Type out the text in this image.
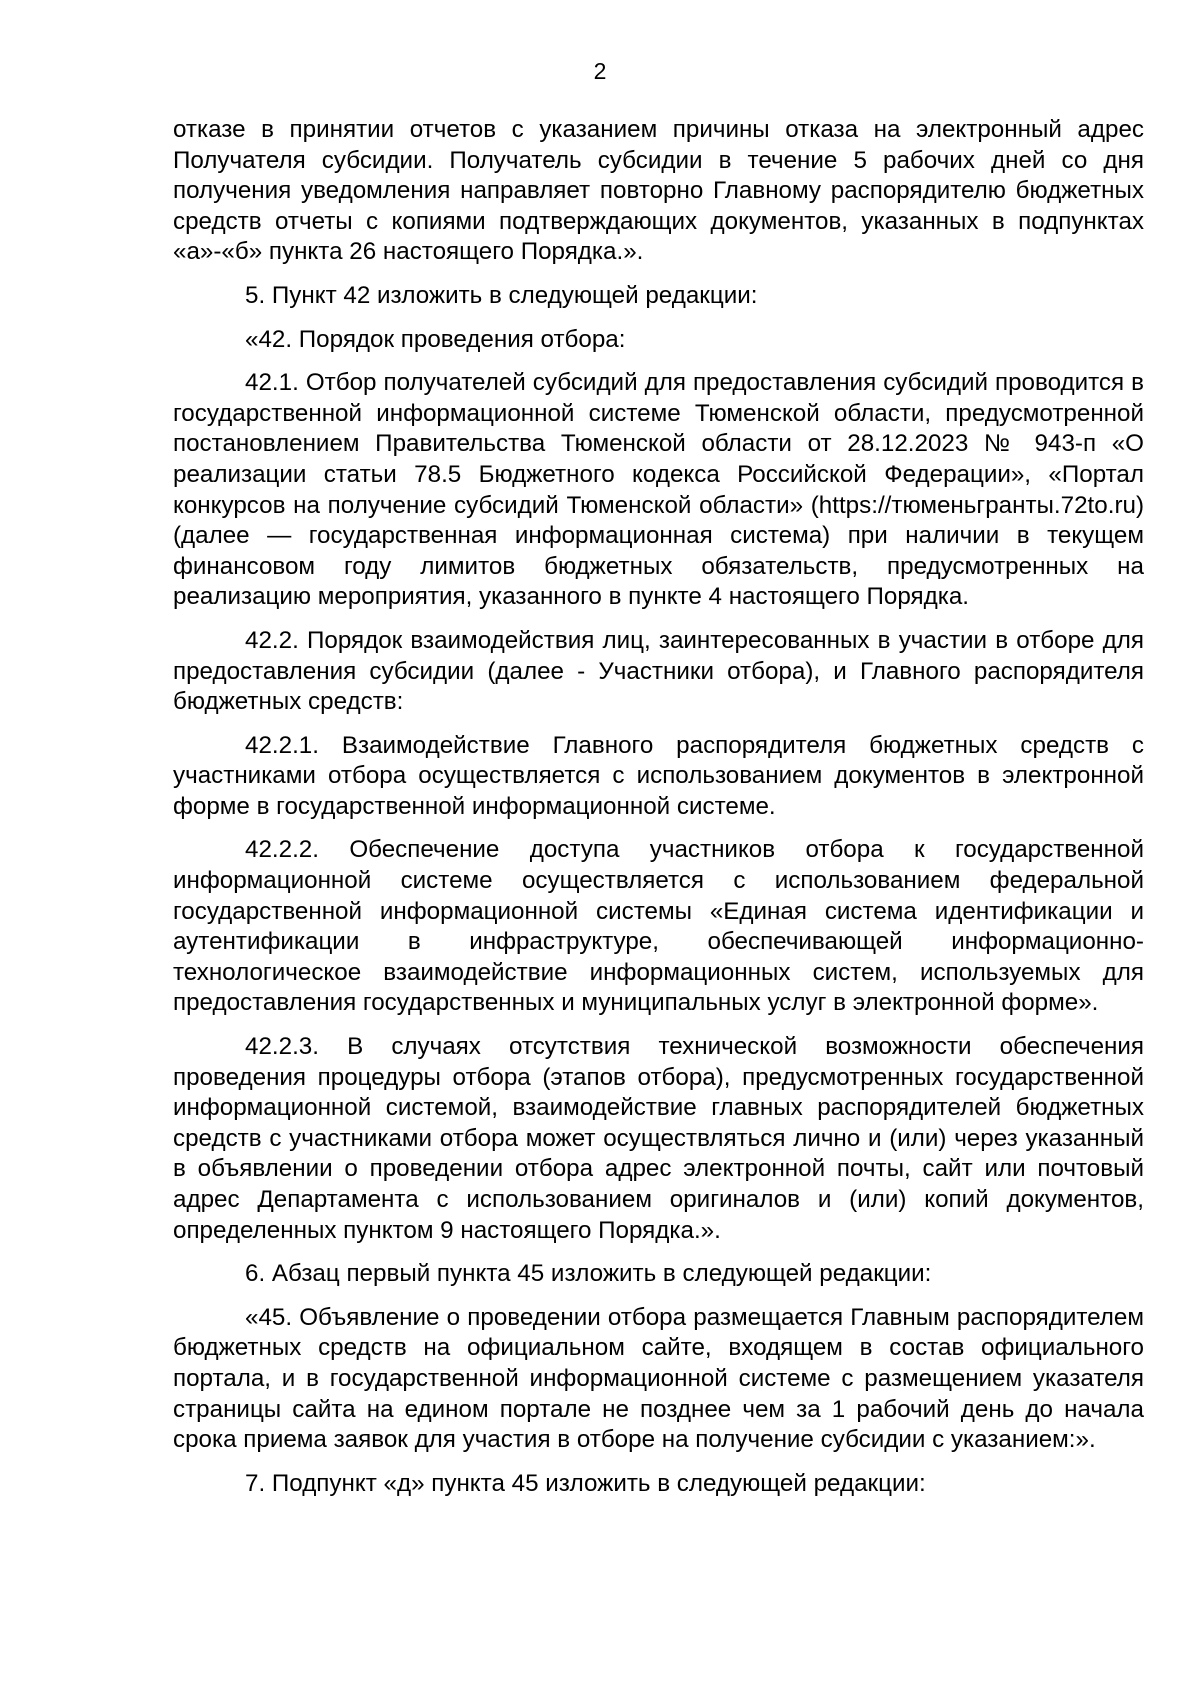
2

отказе в принятии отчетов с указанием причины отказа на электронный адрес Получателя субсидии. Получатель субсидии в течение 5 рабочих дней со дня получения уведомления направляет повторно Главному распорядителю бюджетных средств отчеты с копиями подтверждающих документов, указанных в подпунктах «а»-«б» пункта 26 настоящего Порядка.».

5. Пункт 42 изложить в следующей редакции:

«42. Порядок проведения отбора:

42.1. Отбор получателей субсидий для предоставления субсидий проводится в государственной информационной системе Тюменской области, предусмотренной постановлением Правительства Тюменской области от 28.12.2023 № 943-п «О реализации статьи 78.5 Бюджетного кодекса Российской Федерации», «Портал конкурсов на получение субсидий Тюменской области» (https://тюменьгранты.72to.ru) (далее — государственная информационная система) при наличии в текущем финансовом году лимитов бюджетных обязательств, предусмотренных на реализацию мероприятия, указанного в пункте 4 настоящего Порядка.

42.2. Порядок взаимодействия лиц, заинтересованных в участии в отборе для предоставления субсидии (далее - Участники отбора), и Главного распорядителя бюджетных средств:

42.2.1. Взаимодействие Главного распорядителя бюджетных средств с участниками отбора осуществляется с использованием документов в электронной форме в государственной информационной системе.

42.2.2. Обеспечение доступа участников отбора к государственной информационной системе осуществляется с использованием федеральной государственной информационной системы «Единая система идентификации и аутентификации в инфраструктуре, обеспечивающей информационно-технологическое взаимодействие информационных систем, используемых для предоставления государственных и муниципальных услуг в электронной форме».

42.2.3. В случаях отсутствия технической возможности обеспечения проведения процедуры отбора (этапов отбора), предусмотренных государственной информационной системой, взаимодействие главных распорядителей бюджетных средств с участниками отбора может осуществляться лично и (или) через указанный в объявлении о проведении отбора адрес электронной почты, сайт или почтовый адрес Департамента с использованием оригиналов и (или) копий документов, определенных пунктом 9 настоящего Порядка.».

6. Абзац первый пункта 45 изложить в следующей редакции:

«45. Объявление о проведении отбора размещается Главным распорядителем бюджетных средств на официальном сайте, входящем в состав официального портала, и в государственной информационной системе с размещением указателя страницы сайта на едином портале не позднее чем за 1 рабочий день до начала срока приема заявок для участия в отборе на получение субсидии с указанием:».

7. Подпункт «д» пункта 45 изложить в следующей редакции:
